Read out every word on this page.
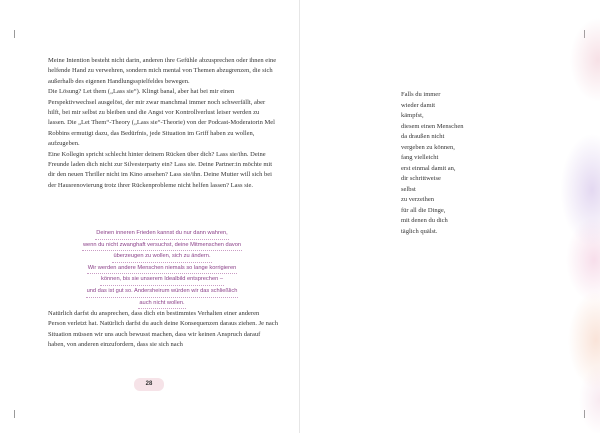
Meine Intention besteht nicht darin, anderen ihre Gefühle abzusprechen oder ihnen eine helfende Hand zu verwehren, sondern mich mental von Themen abzugrenzen, die sich außerhalb des eigenen Handlungsspielfeldes bewegen.

Die Lösung? Let them („Lass sie“). Klingt banal, aber hat bei mir einen Perspektivwechsel ausgelöst, der mir zwar manchmal immer noch schwerfällt, aber hilft, bei mir selbst zu bleiben und die Angst vor Kontrollverlust leiser werden zu lassen. Die „Let Them“-Theory („Lass sie“-Theorie) von der Podcast-Moderatorin Mel Robbins ermutigt dazu, das Bedürfnis, jede Situation im Griff haben zu wollen, aufzugeben.

Eine Kollegin spricht schlecht hinter deinem Rücken über dich? Lass sie/ihn. Deine Freunde laden dich nicht zur Silvesterparty ein? Lass sie. Deine Partner:in möchte mit dir den neuen Thriller nicht im Kino ansehen? Lass sie/ihn. Deine Mutter will sich bei der Hausrenovierung trotz ihrer Rückenprobleme nicht helfen lassen? Lass sie.

Deinen inneren Frieden kannst du nur dann wahren,
wenn du nicht zwanghaft versuchst, deine Mitmenschen davon
überzeugen zu wollen, sich zu ändern.
Wir werden andere Menschen niemals so lange korrigieren
können, bis sie unserem Idealbild entsprechen –
und das ist gut so. Andersheirum würden wir das schließlich
auch nicht wollen.

Natürlich darfst du ansprechen, dass dich ein bestimmtes Verhalten einer anderen Person verletzt hat. Natürlich darfst du auch deine Konsequenzen daraus ziehen. Je nach Situation müssen wir uns auch bewusst machen, dass wir keinen Anspruch darauf haben, von anderen einzufordern, dass sie sich nach

28
Falls du immer
wieder damit
kämpfst,
diesem einen Menschen
da draußen nicht
vergeben zu können,
fang vielleicht
erst einmal damit an,
dir schrittweise
selbst
zu verzeihen
für all die Dinge,
mit denen du dich
täglich quälst.
